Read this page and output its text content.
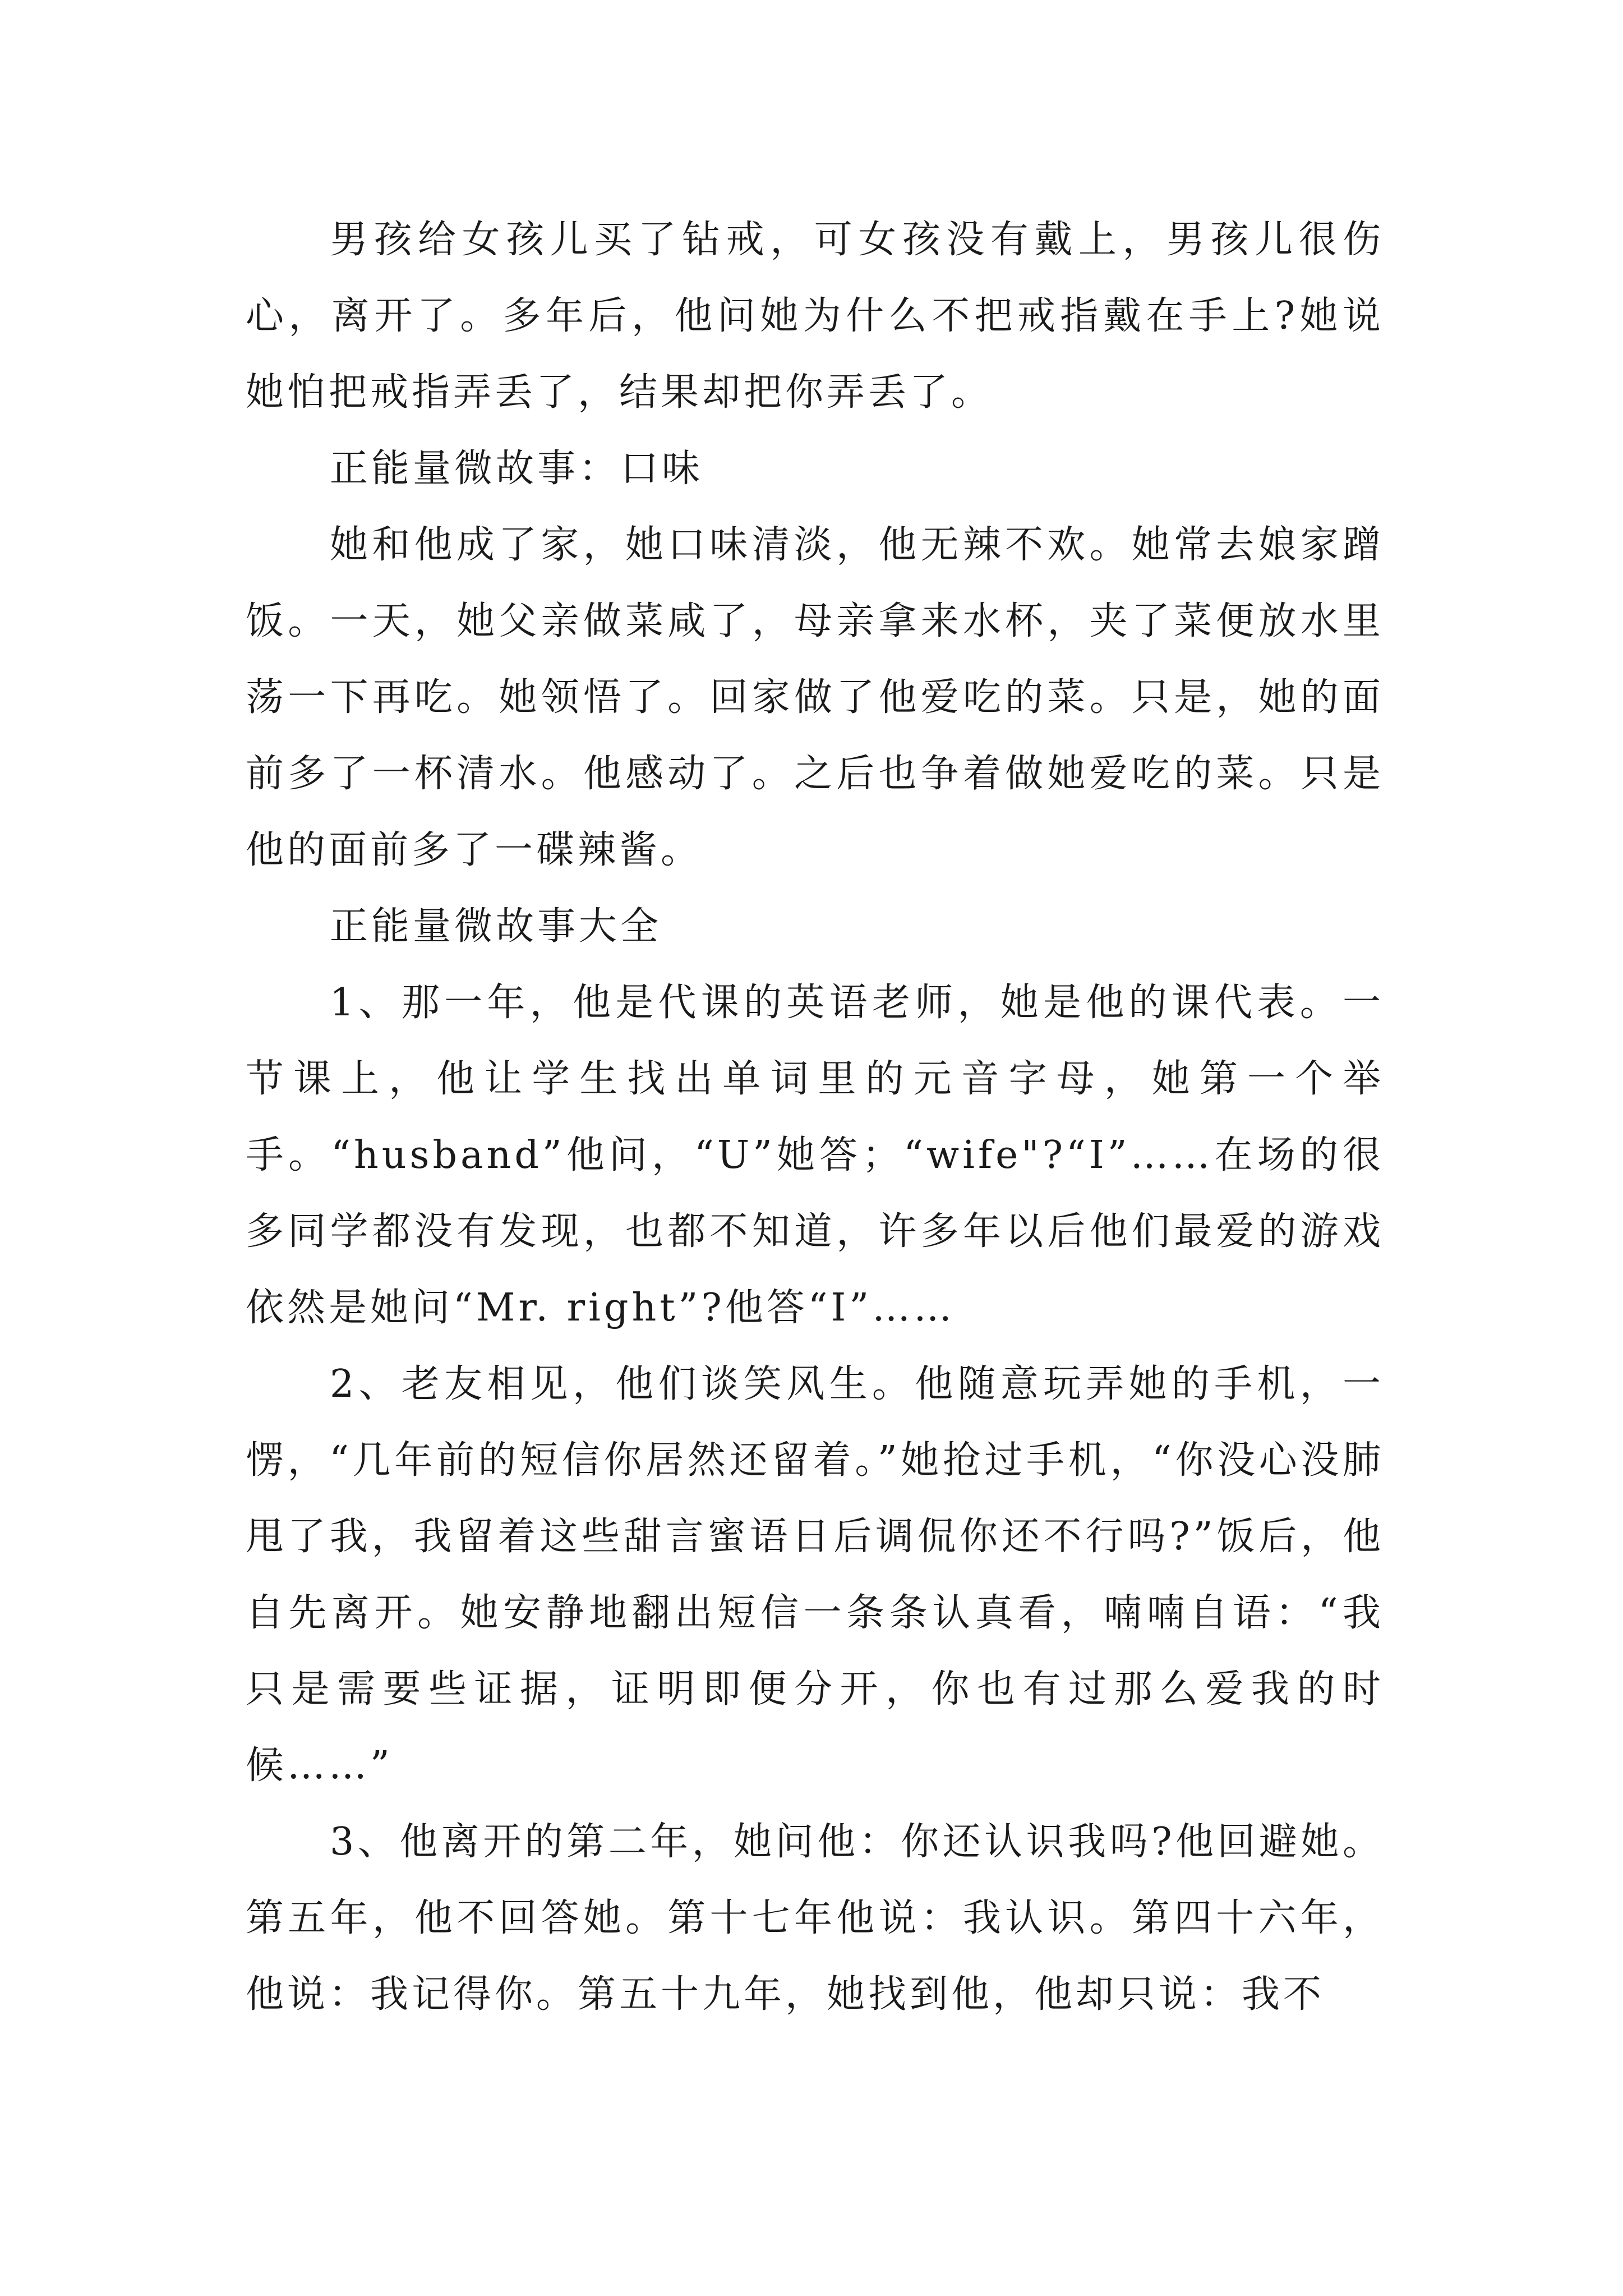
男孩给女孩儿买了钻戒，可女孩没有戴上，男孩儿很伤心，离开了。多年后，他问她为什么不把戒指戴在手上?她说她怕把戒指弄丢了，结果却把你弄丢了。

正能量微故事：口味

她和他成了家，她口味清淡，他无辣不欢。她常去娘家蹭饭。一天，她父亲做菜咸了，母亲拿来水杯，夹了菜便放水里荡一下再吃。她领悟了。回家做了他爱吃的菜。只是，她的面前多了一杯清水。他感动了。之后也争着做她爱吃的菜。只是他的面前多了一碟辣酱。

正能量微故事大全

1、那一年，他是代课的英语老师，她是他的课代表。一节课上，他让学生找出单词里的元音字母，她第一个举手。“husband”他问，“U”她答；“wife"?“I”……在场的很多同学都没有发现，也都不知道，许多年以后他们最爱的游戏依然是她问“Mr. right”?他答“I”……

2、老友相见，他们谈笑风生。他随意玩弄她的手机，一愣，“几年前的短信你居然还留着。”她抢过手机，“你没心没肺甩了我，我留着这些甜言蜜语日后调侃你还不行吗?”饭后，他自先离开。她安静地翻出短信一条条认真看，喃喃自语：“我只是需要些证据，证明即便分开，你也有过那么爱我的时候……”

3、他离开的第二年，她问他：你还认识我吗?他回避她。第五年，他不回答她。第十七年他说：我认识。第四十六年，他说：我记得你。第五十九年，她找到他，他却只说：我不
